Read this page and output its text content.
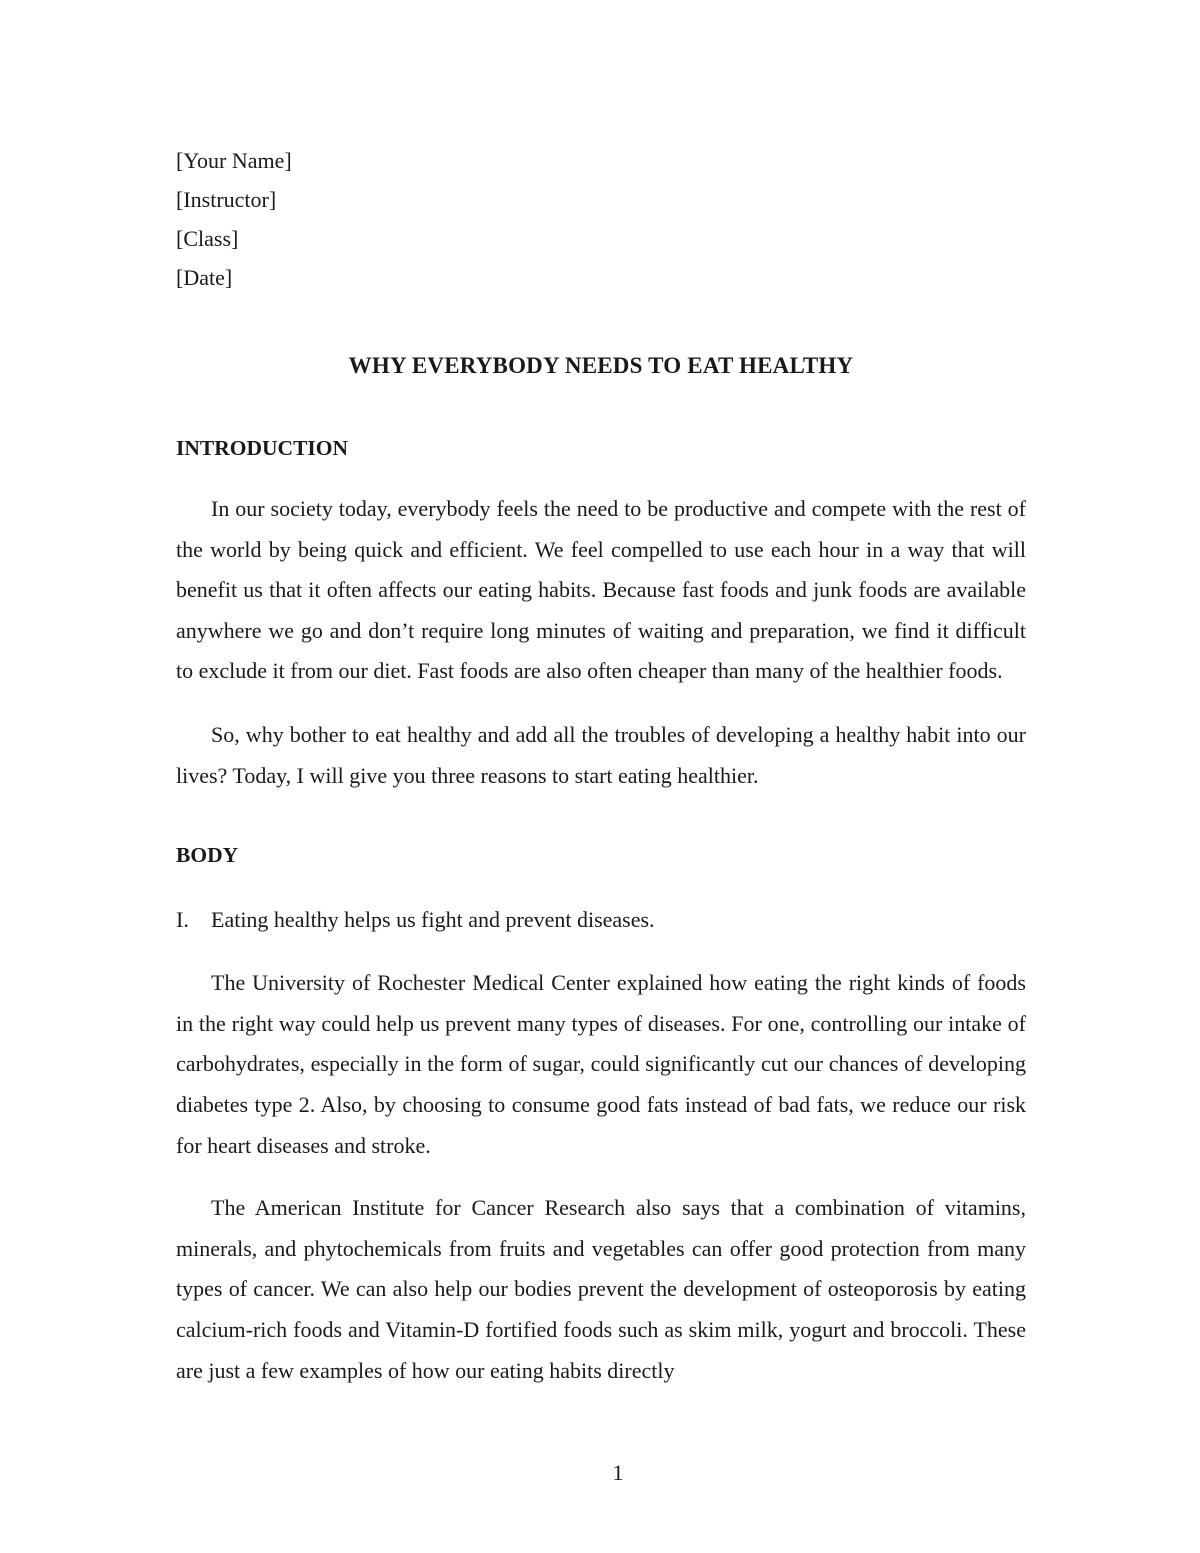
[Your Name]

[Instructor]

[Class]

[Date]

WHY EVERYBODY NEEDS TO EAT HEALTHY
INTRODUCTION

In our society today, everybody feels the need to be productive and compete with the rest of the world by being quick and efficient. We feel compelled to use each hour in a way that will benefit us that it often affects our eating habits. Because fast foods and junk foods are available anywhere we go and don’t require long minutes of waiting and preparation, we find it difficult to exclude it from our diet. Fast foods are also often cheaper than many of the healthier foods.

So, why bother to eat healthy and add all the troubles of developing a healthy habit into our lives? Today, I will give you three reasons to start eating healthier.

BODY
I.	Eating healthy helps us fight and prevent diseases.

The University of Rochester Medical Center explained how eating the right kinds of foods in the right way could help us prevent many types of diseases. For one, controlling our intake of carbohydrates, especially in the form of sugar, could significantly cut our chances of developing diabetes type 2. Also, by choosing to consume good fats instead of bad fats, we reduce our risk for heart diseases and stroke.

The American Institute for Cancer Research also says that a combination of vitamins, minerals, and phytochemicals from fruits and vegetables can offer good protection from many types of cancer. We can also help our bodies prevent the development of osteoporosis by eating calcium-rich foods and Vitamin-D fortified foods such as skim milk, yogurt and broccoli. These are just a few examples of how our eating habits directly

1
